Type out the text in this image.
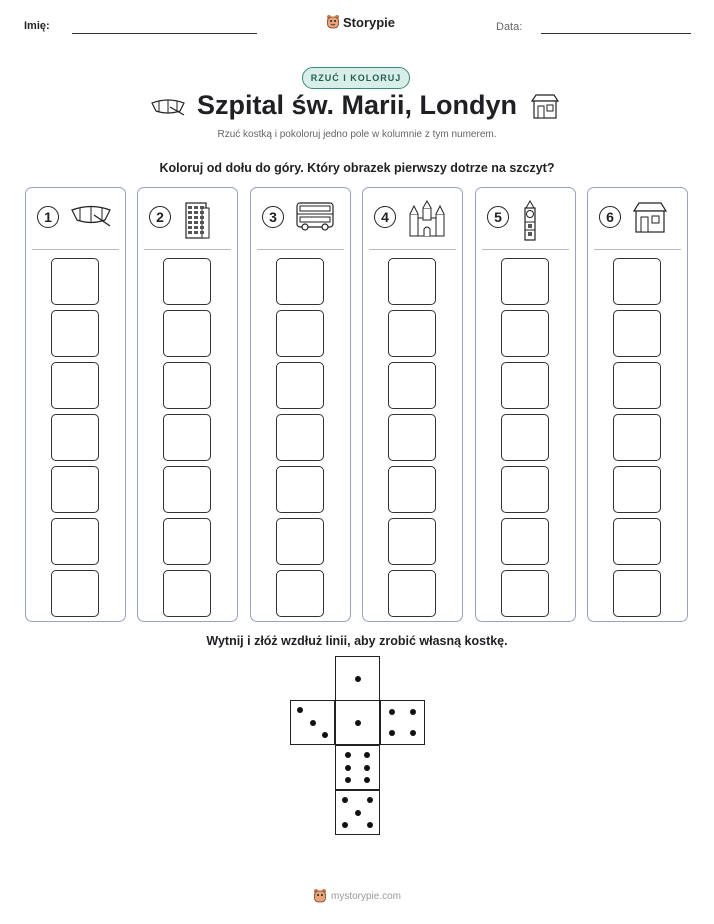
Imię:	Storypie	Data:
RZUĆ I KOLORUJ
Szpital św. Marii, Londyn
Rzuć kostką i pokoloruj jedno pole w kolumnie z tym numerem.
Koloruj od dołu do góry. Który obrazek pierwszy dotrze na szczyt?
1	2	3	4	5	6
Wytnij i złóż wzdłuż linii, aby zrobić własną kostkę.
mystorypie.com
